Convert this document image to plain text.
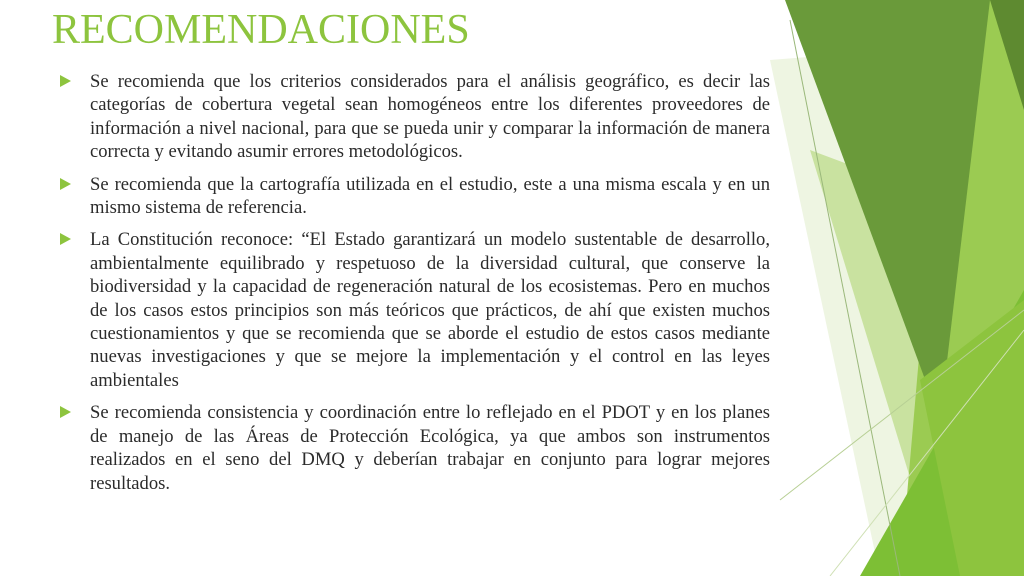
RECOMENDACIONES
Se recomienda que los criterios considerados para el análisis geográfico, es decir las categorías de cobertura vegetal sean homogéneos entre los diferentes proveedores de información a nivel nacional, para que se pueda unir y comparar la información de manera correcta y evitando asumir errores metodológicos.
Se recomienda que la cartografía utilizada en el estudio, este a una misma escala y en un mismo sistema de referencia.
La Constitución reconoce: “El Estado garantizará un modelo sustentable de desarrollo, ambientalmente equilibrado y respetuoso de la diversidad cultural, que conserve la biodiversidad y la capacidad de regeneración natural de los ecosistemas. Pero en muchos de los casos estos principios son más teóricos que prácticos, de ahí que existen muchos cuestionamientos y que se recomienda que se aborde el estudio de estos casos mediante nuevas investigaciones y que se mejore la implementación y el control en las leyes ambientales
Se recomienda consistencia y coordinación entre lo reflejado en el PDOT y en los planes de manejo de las Áreas de Protección Ecológica, ya que ambos son instrumentos realizados en el seno del DMQ y deberían trabajar en conjunto para lograr mejores resultados.
